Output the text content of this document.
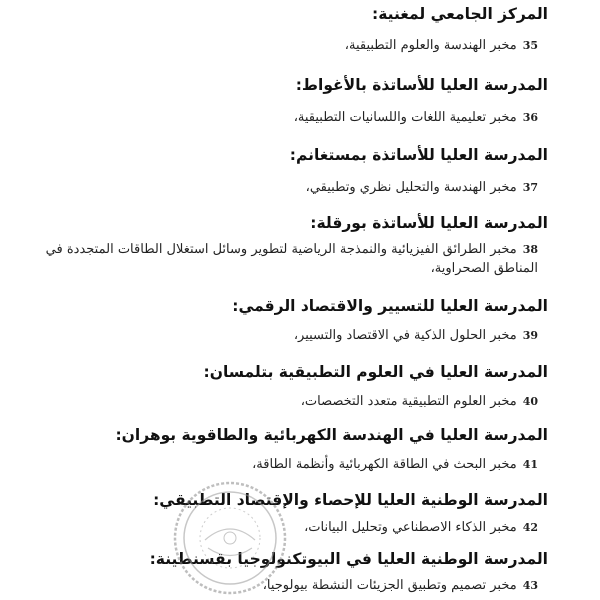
المركز الجامعي لمغنية:
35مخبر الهندسة والعلوم التطبيقية،
المدرسة العليا للأساتذة بالأغواط:
36مخبر تعليمية اللغات واللسانيات التطبيقية،
المدرسة العليا للأساتذة بمستغانم:
37مخبر الهندسة والتحليل نظري وتطبيقي،
المدرسة العليا للأساتذة بورقلة:
38مخبر الطرائق الفيزيائية والنمذجة الرياضية لتطوير وسائل استغلال الطاقات المتجددة في المناطق الصحراوية،
المدرسة العليا للتسيير والاقتصاد الرقمي:
39مخبر الحلول الذكية في الاقتصاد والتسيير،
المدرسة العليا في العلوم التطبيقية بتلمسان:
40مخبر العلوم التطبيقية متعدد التخصصات،
المدرسة العليا في الهندسة الكهربائية والطاقوية بوهران:
41مخبر البحث في الطاقة الكهربائية وأنظمة الطاقة،
المدرسة الوطنية العليا للإحصاء والإقتصاد التطبيقي:
42مخبر الذكاء الاصطناعي وتحليل البيانات،
المدرسة الوطنية العليا في البيوتكنولوجيا بقسنطينة:
43مخبر تصميم وتطبيق الجزيئات النشطة بيولوجيا،
